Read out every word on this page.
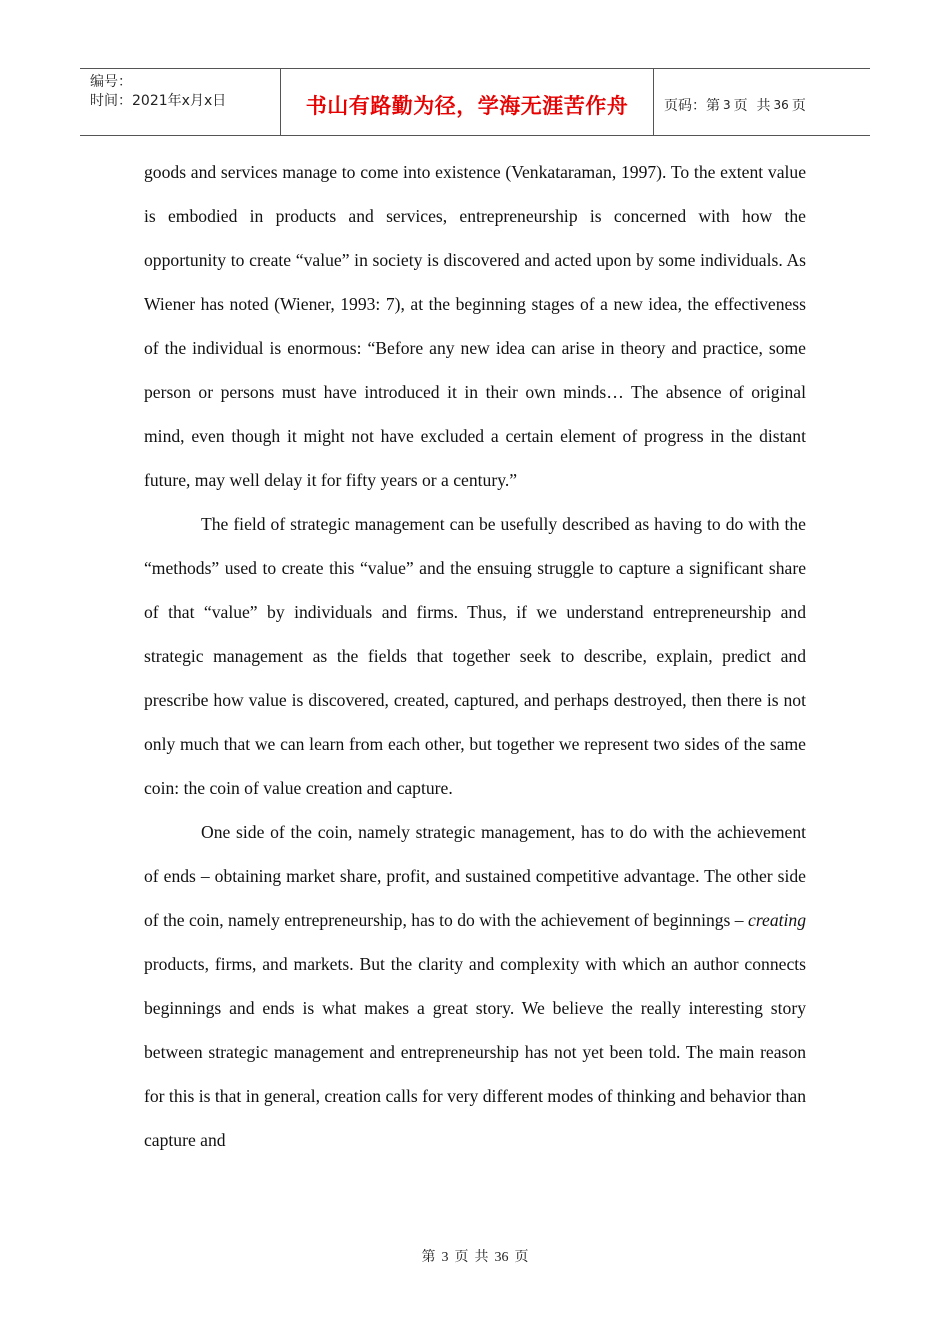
编号：
时间：2021年x月x日	书山有路勤为径，学海无涯苦作舟	页码：第 3 页
共 36 页

goods and services manage to come into existence (Venkataraman, 1997). To the extent value is embodied in products and services, entrepreneurship is concerned with how the opportunity to create “value” in society is discovered and acted upon by some individuals. As Wiener has noted (Wiener, 1993: 7), at the beginning stages of a new idea, the effectiveness of the individual is enormous: “Before any new idea can arise in theory and practice, some person or persons must have introduced it in their own minds… The absence of original mind, even though it might not have excluded a certain element of progress in the distant future, may well delay it for fifty years or a century.”

The field of strategic management can be usefully described as having to do with the “methods” used to create this “value” and the ensuing struggle to capture a significant share of that “value” by individuals and firms. Thus, if we understand entrepreneurship and strategic management as the fields that together seek to describe, explain, predict and prescribe how value is discovered, created, captured, and perhaps destroyed, then there is not only much that we can learn from each other, but together we represent two sides of the same coin: the coin of value creation and capture.

One side of the coin, namely strategic management, has to do with the achievement of ends – obtaining market share, profit, and sustained competitive advantage. The other side of the coin, namely entrepreneurship, has to do with the achievement of beginnings – creating products, firms, and markets. But the clarity and complexity with which an author connects beginnings and ends is what makes a great story. We believe the really interesting story between strategic management and entrepreneurship has not yet been told. The main reason for this is that in general, creation calls for very different modes of thinking and behavior than capture and

第 3 页 共 36 页
